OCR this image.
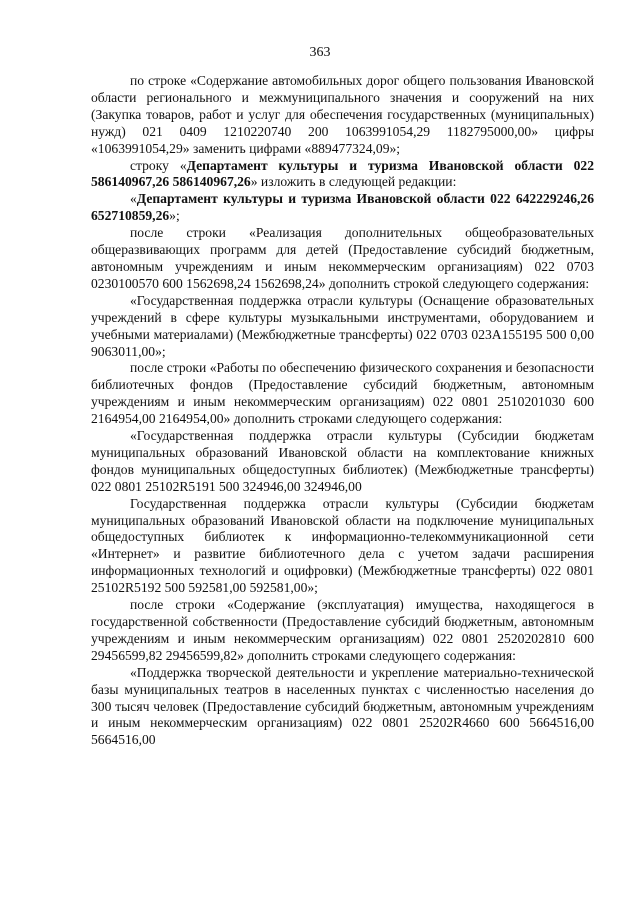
363

по строке «Содержание автомобильных дорог общего пользования Ивановской области регионального и межмуниципального значения и сооружений на них (Закупка товаров, работ и услуг для обеспечения государственных (муниципальных) нужд) 021 0409 1210220740 200 1063991054,29 1182795000,00» цифры «1063991054,29» заменить цифрами «889477324,09»;

строку «Департамент культуры и туризма Ивановской области 022 586140967,26 586140967,26» изложить в следующей редакции:

«Департамент культуры и туризма Ивановской области 022 642229246,26 652710859,26»;

после строки «Реализация дополнительных общеобразовательных общеразвивающих программ для детей (Предоставление субсидий бюджетным, автономным учреждениям и иным некоммерческим организациям) 022 0703 0230100570 600 1562698,24 1562698,24» дополнить строкой следующего содержания:

«Государственная поддержка отрасли культуры (Оснащение образовательных учреждений в сфере культуры музыкальными инструментами, оборудованием и учебными материалами) (Межбюджетные трансферты) 022 0703 023А155195 500 0,00 9063011,00»;

после строки «Работы по обеспечению физического сохранения и безопасности библиотечных фондов (Предоставление субсидий бюджетным, автономным учреждениям и иным некоммерческим организациям) 022 0801 2510201030 600 2164954,00 2164954,00» дополнить строками следующего содержания:

«Государственная поддержка отрасли культуры (Субсидии бюджетам муниципальных образований Ивановской области на комплектование книжных фондов муниципальных общедоступных библиотек) (Межбюджетные трансферты) 022 0801 25102R5191 500 324946,00 324946,00

Государственная поддержка отрасли культуры (Субсидии бюджетам муниципальных образований Ивановской области на подключение муниципальных общедоступных библиотек к информационно-телекоммуникационной сети «Интернет» и развитие библиотечного дела с учетом задачи расширения информационных технологий и оцифровки) (Межбюджетные трансферты) 022 0801 25102R5192 500 592581,00 592581,00»;

после строки «Содержание (эксплуатация) имущества, находящегося в государственной собственности (Предоставление субсидий бюджетным, автономным учреждениям и иным некоммерческим организациям) 022 0801 2520202810 600 29456599,82 29456599,82» дополнить строками следующего содержания:

«Поддержка творческой деятельности и укрепление материально-технической базы муниципальных театров в населенных пунктах с численностью населения до 300 тысяч человек (Предоставление субсидий бюджетным, автономным учреждениям и иным некоммерческим организациям) 022 0801 25202R4660 600 5664516,00 5664516,00
